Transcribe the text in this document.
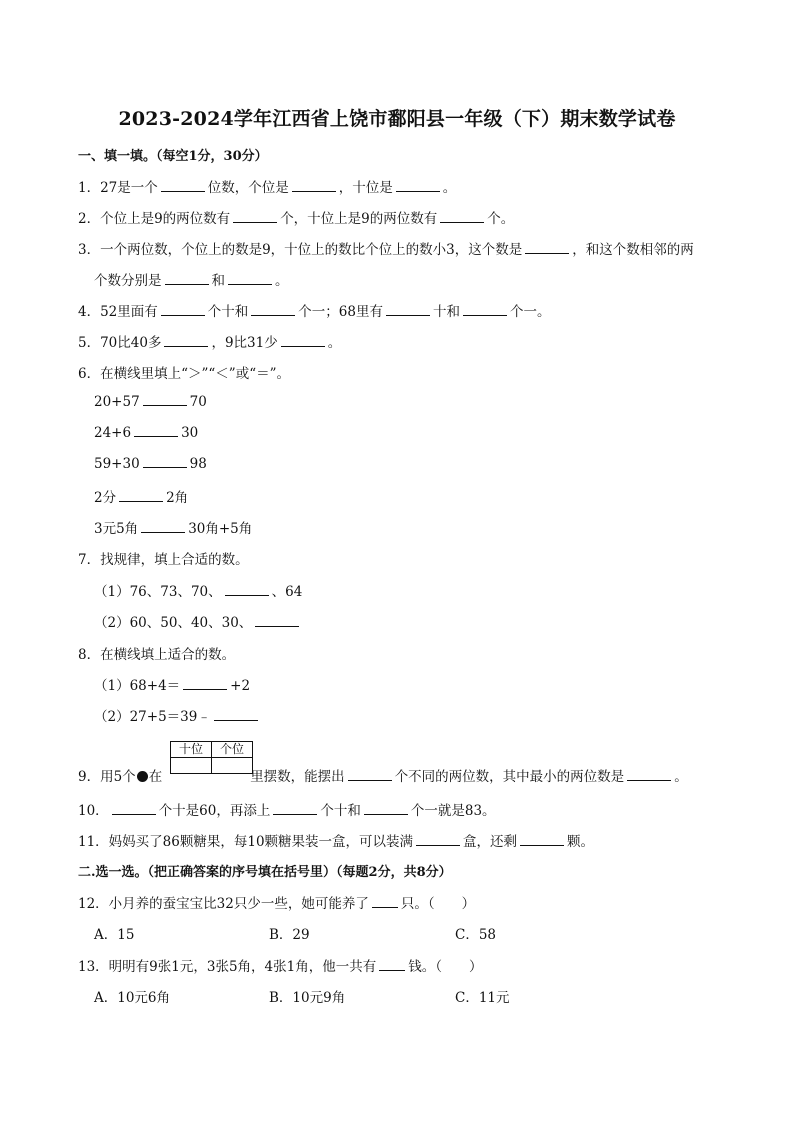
2023-2024学年江西省上饶市鄱阳县一年级（下）期末数学试卷
一、填一填。（每空1分，30分）
1．27是一个	位数，个位是	，十位是	。
2．个位上是9的两位数有	个，十位上是9的两位数有	个。
3．一个两位数，个位上的数是9，十位上的数比个位上的数小3，这个数是	，和这个数相邻的两
个数分别是	和	。
4．52里面有	个十和	个一；68里有	十和	个一。
5．70比40多	，9比31少	。
6．在横线里填上“＞”“＜”或“＝”。
20+57	70
24+6	30
59+30	98
2分	2角
3元5角	30角+5角
7．找规律，填上合适的数。
（1）76、73、70、	、64
（2）60、50、40、30、
8．在横线填上适合的数。
（1）68+4＝	+2
（2）27+5＝39﹣
十位	个位

9．用5个 在	里摆数，能摆出	个不同的两位数，其中最小的两位数是	。
10．	个十是60，再添上	个十和	个一就是83。
11．妈妈买了86颗糖果，每10颗糖果装一盒，可以装满	盒，还剩	颗。
二.选一选。（把正确答案的序号填在括号里）（每题2分，共8分）
12．小月养的蚕宝宝比32只少一些，她可能养了 只。（　　）
A．15	B．29	C．58
13．明明有9张1元，3张5角，4张1角，他一共有 钱。（　　）
A．10元6角	B．10元9角	C．11元
